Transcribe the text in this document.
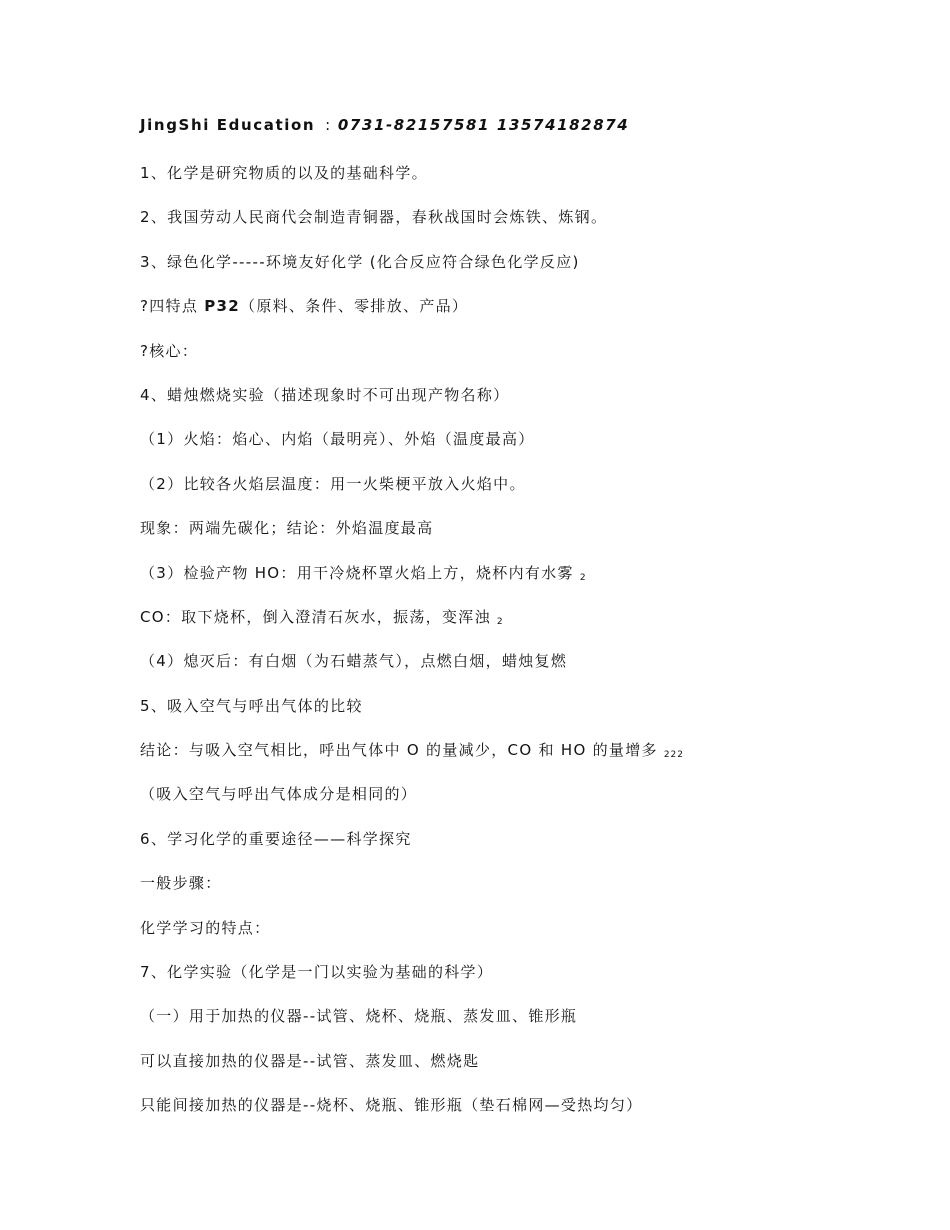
JingShi Education : 0731-82157581 13574182874
1、化学是研究物质的以及的基础科学。
2、我国劳动人民商代会制造青铜器，春秋战国时会炼铁、炼钢。
3、绿色化学-----环境友好化学 (化合反应符合绿色化学反应)
?四特点 P32（原料、条件、零排放、产品）
?核心：
4、蜡烛燃烧实验（描述现象时不可出现产物名称）
（1）火焰：焰心、内焰（最明亮）、外焰（温度最高）
（2）比较各火焰层温度：用一火柴梗平放入火焰中。
现象：两端先碳化；结论：外焰温度最高
（3）检验产物 HO：用干冷烧杯罩火焰上方，烧杯内有水雾 $_2$
CO：取下烧杯，倒入澄清石灰水，振荡，变浑浊 $_2$
（4）熄灭后：有白烟（为石蜡蒸气），点燃白烟，蜡烛复燃
5、吸入空气与呼出气体的比较
结论：与吸入空气相比，呼出气体中 O 的量减少，CO 和 HO 的量增多 $_{222}$
（吸入空气与呼出气体成分是相同的）
6、学习化学的重要途径——科学探究
一般步骤：
化学学习的特点：
7、化学实验（化学是一门以实验为基础的科学）
（一）用于加热的仪器--试管、烧杯、烧瓶、蒸发皿、锥形瓶
可以直接加热的仪器是--试管、蒸发皿、燃烧匙
只能间接加热的仪器是--烧杯、烧瓶、锥形瓶（垫石棉网—受热均匀）
